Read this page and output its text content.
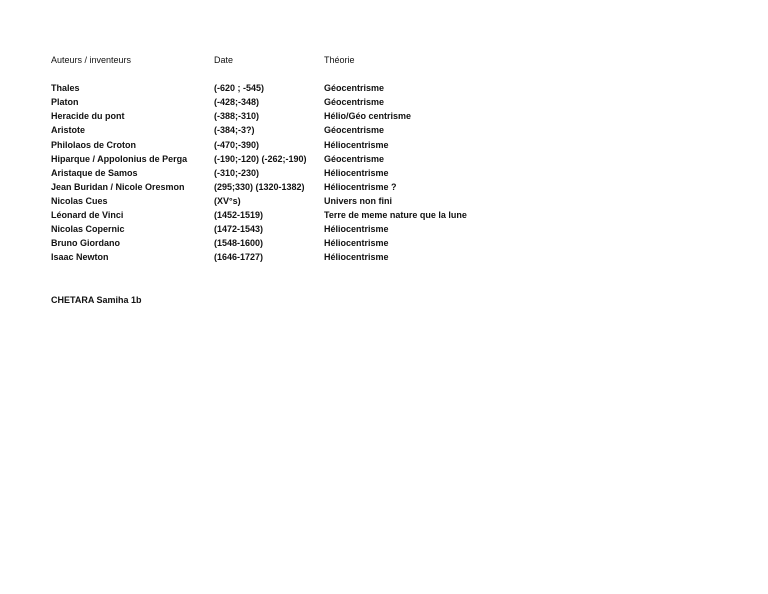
Auteurs / inventeurs	Date	Théorie
Thales	(-620 ; -545)	Géocentrisme
Platon	(-428;-348)	Géocentrisme
Heracide du pont	(-388;-310)	Hélio/Géo centrisme
Aristote	(-384;-3?)	Géocentrisme
Philolaos de Croton	(-470;-390)	Héliocentrisme
Hiparque / Appolonius de Perga	(-190;-120) (-262;-190)	Géocentrisme
Aristaque de Samos	(-310;-230)	Héliocentrisme
Jean Buridan / Nicole Oresmon	(295;330) (1320-1382)	Héliocentrisme ?
Nicolas Cues	(XV°s)	Univers non fini
Léonard de Vinci	(1452-1519)	Terre de meme nature que la lune
Nicolas Copernic	(1472-1543)	Héliocentrisme
Bruno Giordano	(1548-1600)	Héliocentrisme
Isaac Newton	(1646-1727)	Héliocentrisme
CHETARA Samiha 1b
